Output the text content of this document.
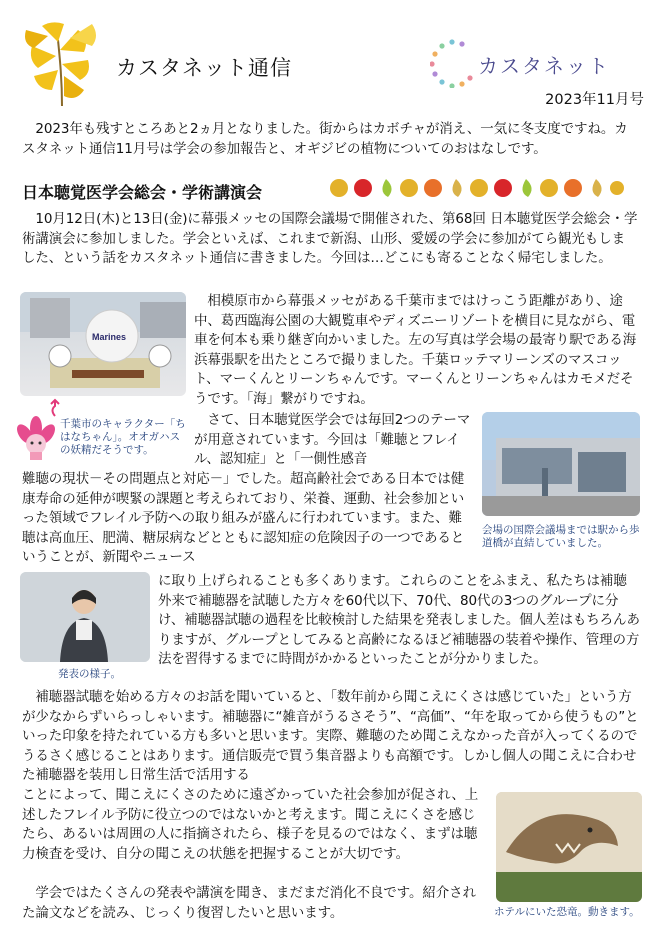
カスタネット通信	カスタネット
2023年11月号

　2023年も残すところあと2ヵ月となりました。街からはカボチャが消え、一気に冬支度ですね。カスタネット通信11月号は学会の参加報告と、オギジビの植物についてのおはなしです。

日本聴覚医学会総会・学術講演会

　10月12日(木)と13日(金)に幕張メッセの国際会議場で開催された、第68回 日本聴覚医学会総会・学術講演会に参加しました。学会といえば、これまで新潟、山形、愛媛の学会に参加がてら観光もしました、という話をカスタネット通信に書きました。今回は…どこにも寄ることなく帰宅しました。

Marines

　相模原市から幕張メッセがある千葉市まではけっこう距離があり、途中、葛西臨海公園の大観覧車やディズニーリゾートを横目に見ながら、電車を何本も乗り継ぎ向かいました。左の写真は学会場の最寄り駅である海浜幕張駅を出たところで撮りました。千葉ロッテマリーンズのマスコット、マーくんとリーンちゃんです。マーくんとリーンちゃんはカモメだそうです。「海」繋がりですね。

千葉市のキャラクター「ちはなちゃん」。オオガハスの妖精だそうです。

　さて、日本聴覚医学会では毎回2つのテーマが用意されています。今回は「難聴とフレイル、認知症」と「一側性感音

会場の国際会議場までは駅から歩道橋が直結していました。

難聴の現状－その問題点と対応－」でした。超高齢社会である日本では健康寿命の延伸が喫緊の課題と考えられており、栄養、運動、社会参加といった領域でフレイル予防への取り組みが盛んに行われています。また、難聴は高血圧、肥満、糖尿病などとともに認知症の危険因子の一つであるということが、新聞やニュース

発表の様子。

に取り上げられることも多くあります。これらのことをふまえ、私たちは補聴外来で補聴器を試聴した方々を60代以下、70代、80代の3つのグループに分け、補聴器試聴の過程を比較検討した結果を発表しました。個人差はもちろんありますが、グループとしてみると高齢になるほど補聴器の装着や操作、管理の方法を習得するまでに時間がかかるといったことが分かりました。

　補聴器試聴を始める方々のお話を聞いていると、「数年前から聞こえにくさは感じていた」という方が少なからずいらっしゃいます。補聴器に“雑音がうるさそう”、“高価”、“年を取ってから使うもの”といった印象を持たれている方も多いと思います。実際、難聴のため聞こえなかった音が入ってくるのでうるさく感じることはあります。通信販売で買う集音器よりも高額です。しかし個人の聞こえに合わせた補聴器を装用し日常生活で活用する

ことによって、聞こえにくさのために遠ざかっていた社会参加が促され、上述したフレイル予防に役立つのではないかと考えます。聞こえにくさを感じたら、あるいは周囲の人に指摘されたら、様子を見るのではなく、まずは聴力検査を受け、自分の聞こえの状態を把握することが大切です。

ホテルにいた恐竜。動きます。

　学会ではたくさんの発表や講演を聞き、まだまだ消化不良です。紹介された論文などを読み、じっくり復習したいと思います。
